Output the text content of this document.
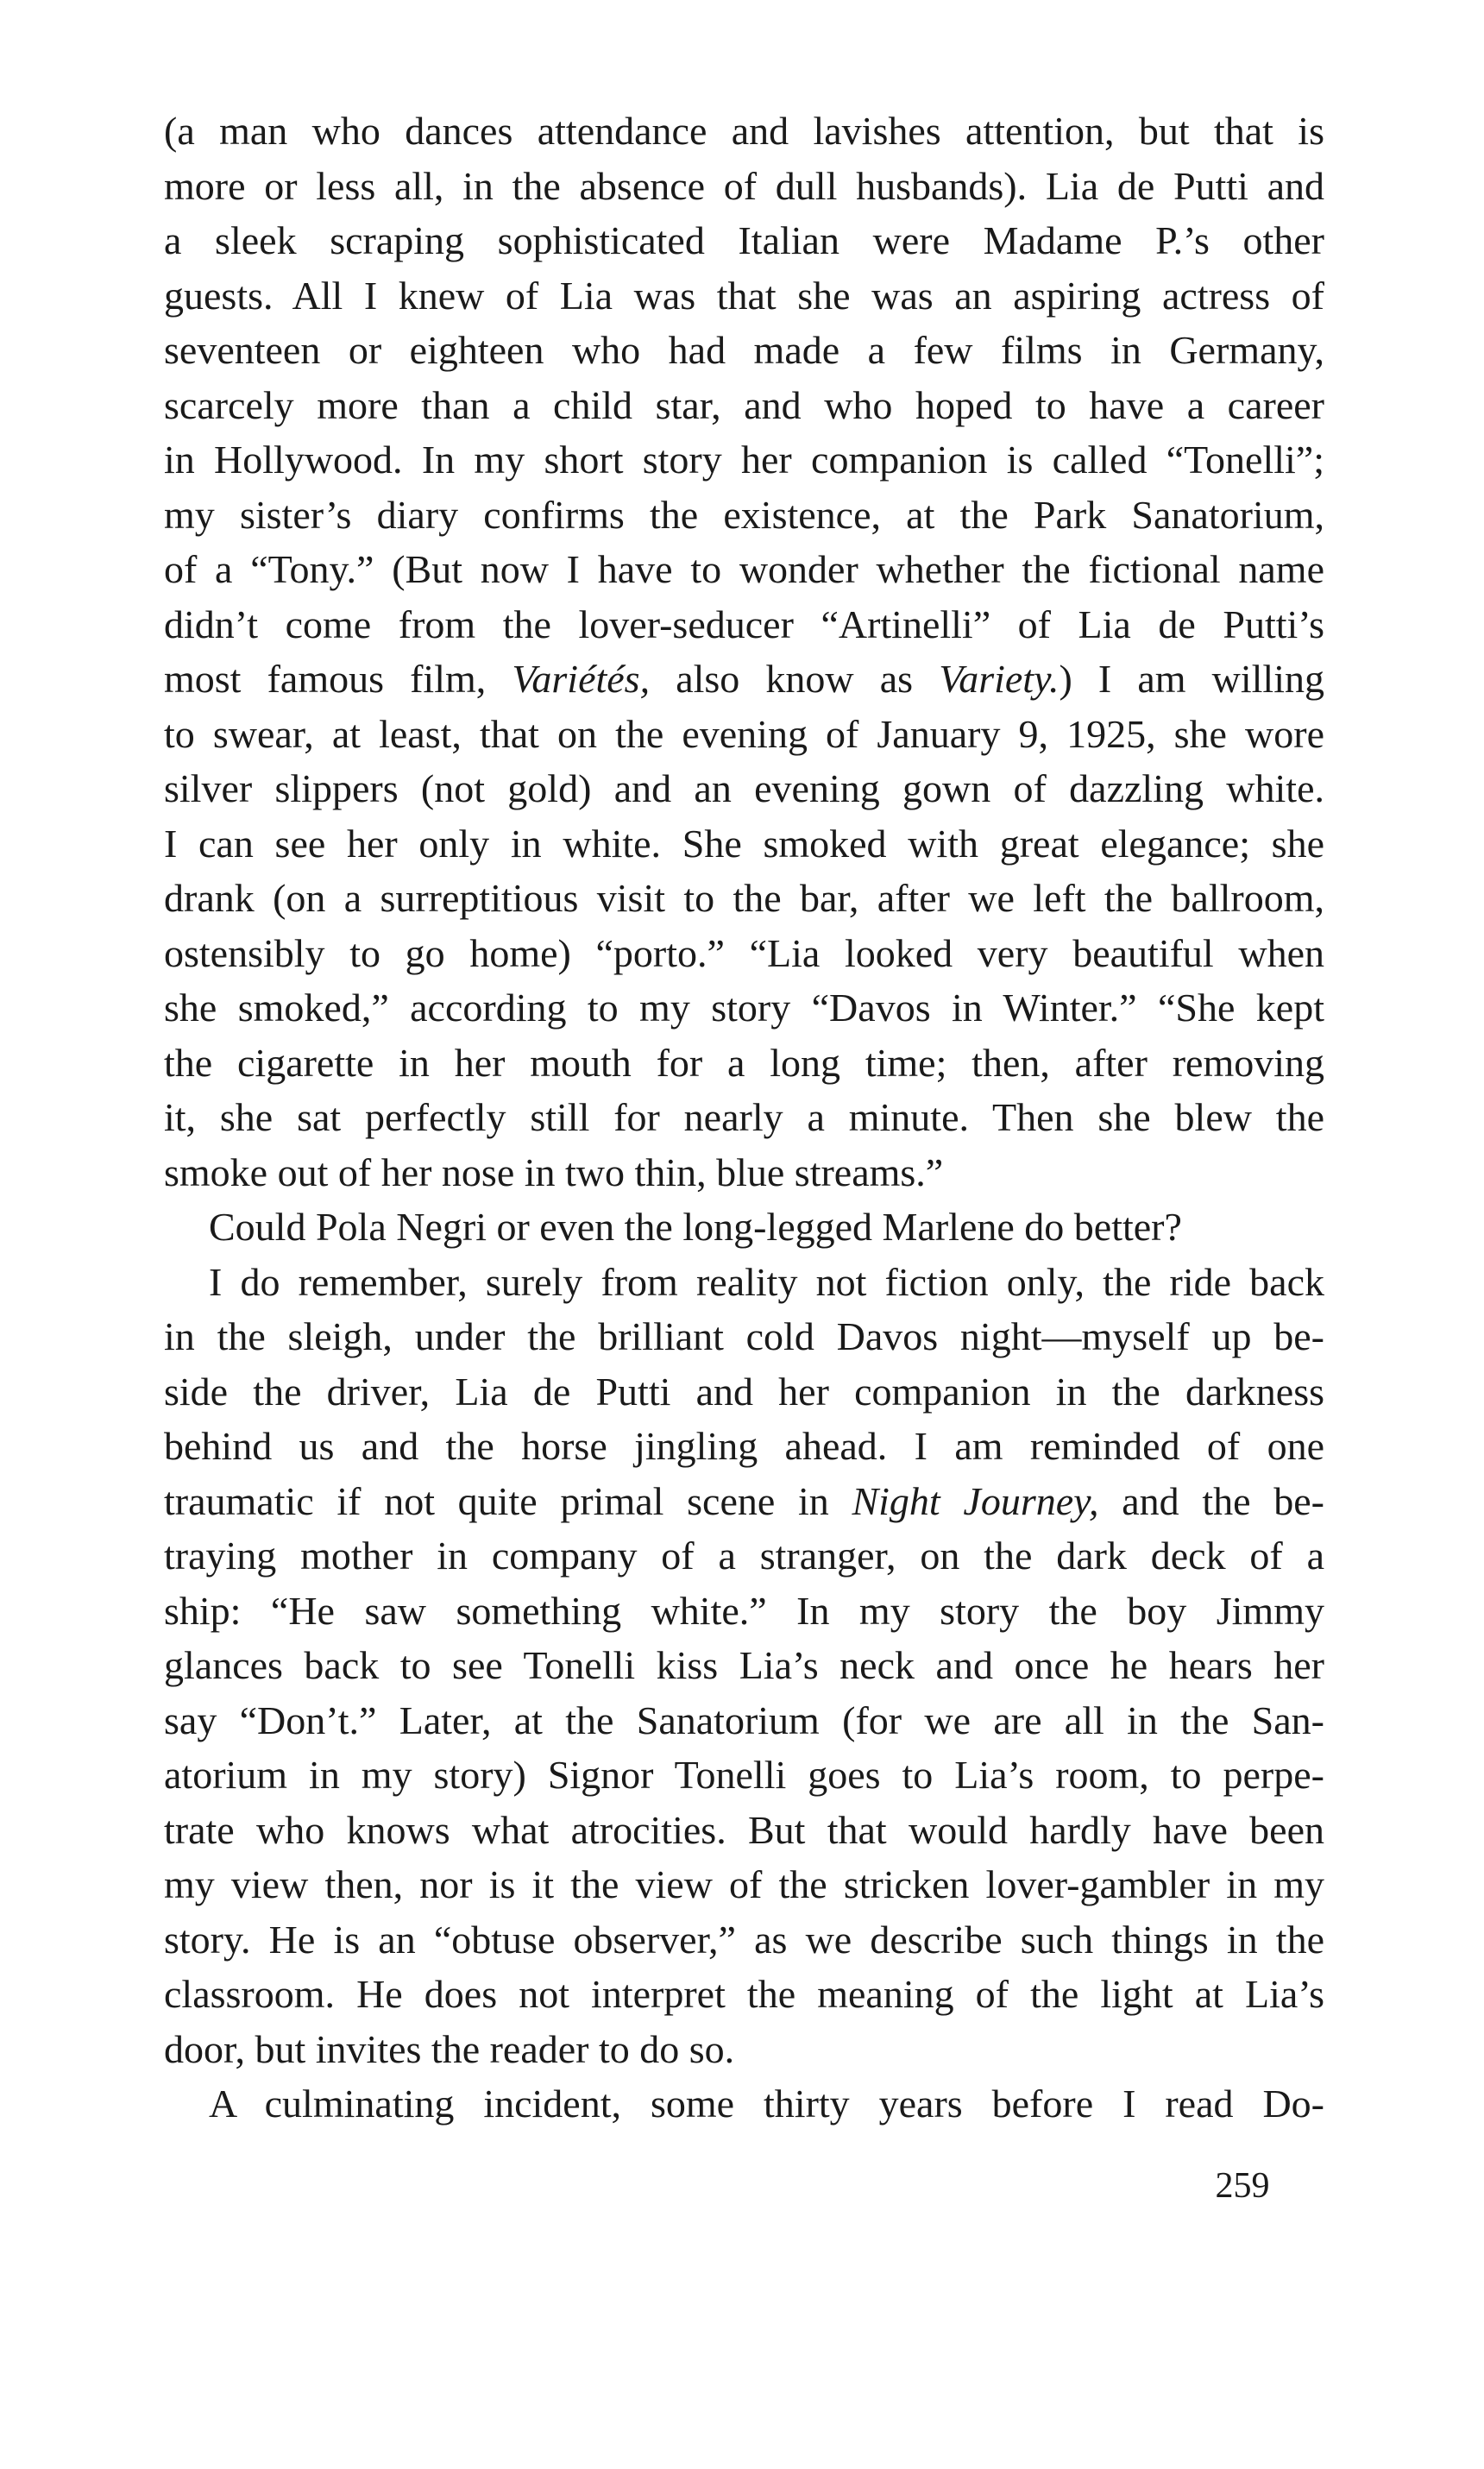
(a man who dances attendance and lavishes attention, but that is
more or less all, in the absence of dull husbands). Lia de Putti and
a sleek scraping sophisticated Italian were Madame P.’s other
guests. All I knew of Lia was that she was an aspiring actress of
seventeen or eighteen who had made a few films in Germany,
scarcely more than a child star, and who hoped to have a career
in Hollywood. In my short story her companion is called “Tonelli”;
my sister’s diary confirms the existence, at the Park Sanatorium,
of a “Tony.” (But now I have to wonder whether the fictional name
didn’t come from the lover-seducer “Artinelli” of Lia de Putti’s
most famous film, Variétés, also know as Variety.) I am willing
to swear, at least, that on the evening of January 9, 1925, she wore
silver slippers (not gold) and an evening gown of dazzling white.
I can see her only in white. She smoked with great elegance; she
drank (on a surreptitious visit to the bar, after we left the ballroom,
ostensibly to go home) “porto.” “Lia looked very beautiful when
she smoked,” according to my story “Davos in Winter.” “She kept
the cigarette in her mouth for a long time; then, after removing
it, she sat perfectly still for nearly a minute. Then she blew the
smoke out of her nose in two thin, blue streams.”
Could Pola Negri or even the long-legged Marlene do better?
I do remember, surely from reality not fiction only, the ride back
in the sleigh, under the brilliant cold Davos night—myself up be-
side the driver, Lia de Putti and her companion in the darkness
behind us and the horse jingling ahead. I am reminded of one
traumatic if not quite primal scene in Night Journey, and the be-
traying mother in company of a stranger, on the dark deck of a
ship: “He saw something white.” In my story the boy Jimmy
glances back to see Tonelli kiss Lia’s neck and once he hears her
say “Don’t.” Later, at the Sanatorium (for we are all in the San-
atorium in my story) Signor Tonelli goes to Lia’s room, to perpe-
trate who knows what atrocities. But that would hardly have been
my view then, nor is it the view of the stricken lover-gambler in my
story. He is an “obtuse observer,” as we describe such things in the
classroom. He does not interpret the meaning of the light at Lia’s
door, but invites the reader to do so.
A culminating incident, some thirty years before I read Do-
259
